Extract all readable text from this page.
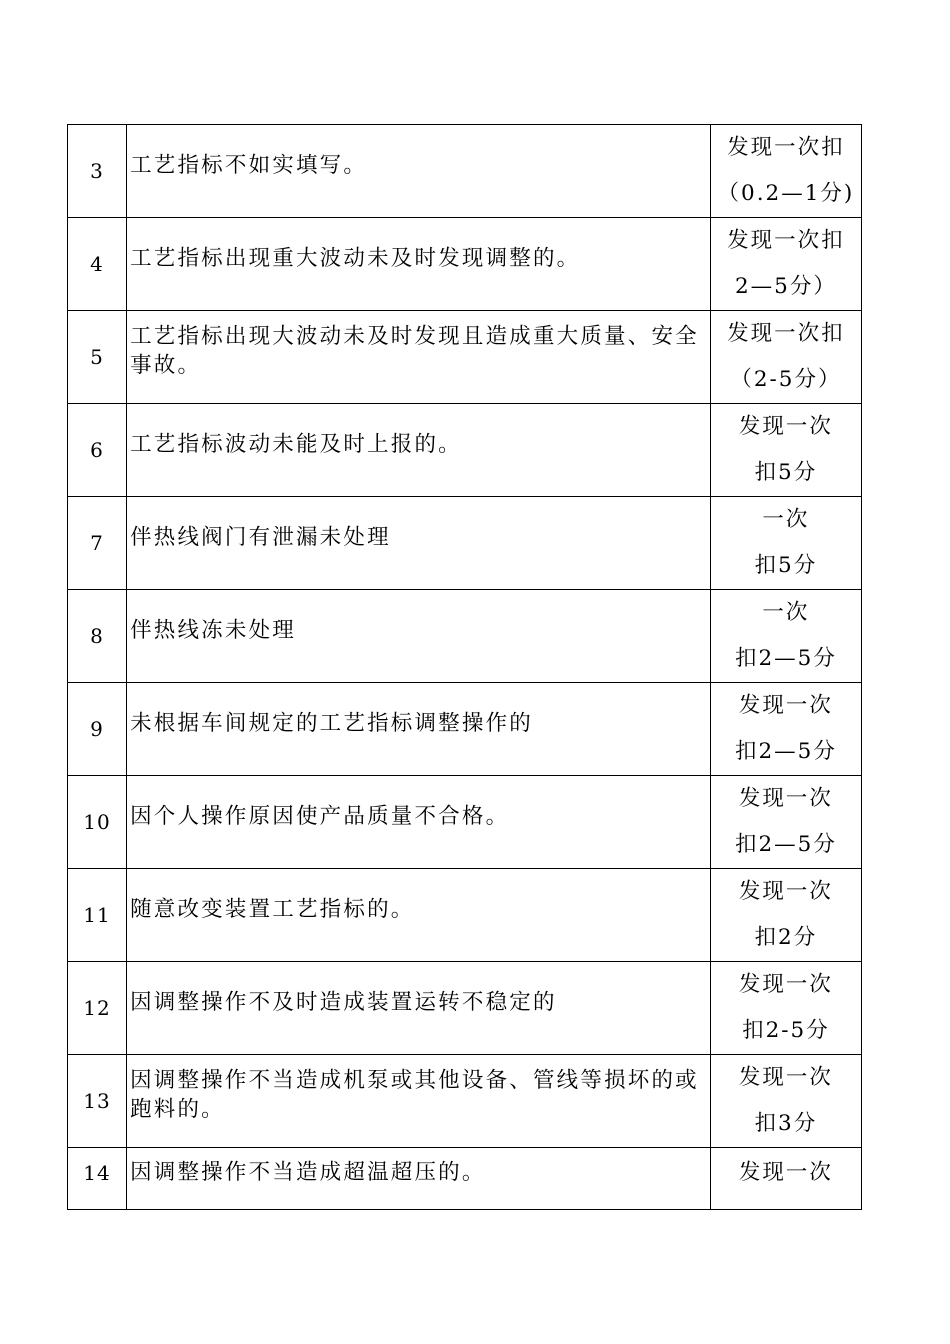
3	工艺指标不如实填写。	发现一次扣
（0.2—1分)

4	工艺指标出现重大波动未及时发现调整的。	发现一次扣
2—5分）

5	工艺指标出现大波动未及时发现且造成重大质量、安全事故。	发现一次扣
（2-5分）

6	工艺指标波动未能及时上报的。	发现一次
扣5分

7	伴热线阀门有泄漏未处理	一次
扣5分

8	伴热线冻未处理	一次
扣2—5分

9	未根据车间规定的工艺指标调整操作的	发现一次
扣2—5分

10	因个人操作原因使产品质量不合格。	发现一次
扣2—5分

11	随意改变装置工艺指标的。	发现一次
扣2分

12	因调整操作不及时造成装置运转不稳定的	发现一次
扣2-5分

13	因调整操作不当造成机泵或其他设备、管线等损坏的或跑料的。	发现一次
扣3分

14	因调整操作不当造成超温超压的。	发现一次
